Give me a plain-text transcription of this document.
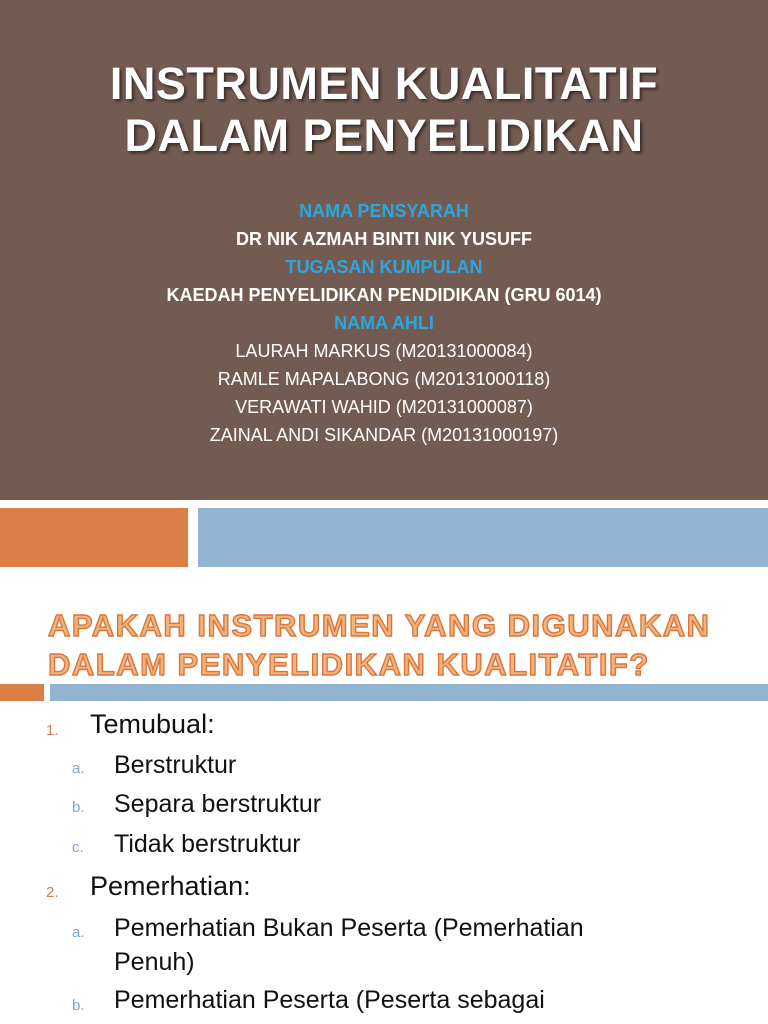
INSTRUMEN KUALITATIF
DALAM PENYELIDIKAN
NAMA PENSYARAH
DR NIK AZMAH BINTI NIK YUSUFF
TUGASAN KUMPULAN
KAEDAH PENYELIDIKAN PENDIDIKAN (GRU 6014)
NAMA AHLI
LAURAH MARKUS (M20131000084)
RAMLE MAPALABONG (M20131000118)
VERAWATI WAHID (M20131000087)
ZAINAL ANDI SIKANDAR (M20131000197)
APAKAH INSTRUMEN YANG DIGUNAKAN
DALAM PENYELIDIKAN KUALITATIF?
1. Temubual:
a. Berstruktur
b. Separa berstruktur
c. Tidak berstruktur
2. Pemerhatian:
a. Pemerhatian Bukan Peserta (Pemerhatian
Penuh)
b. Pemerhatian Peserta (Peserta sebagai
